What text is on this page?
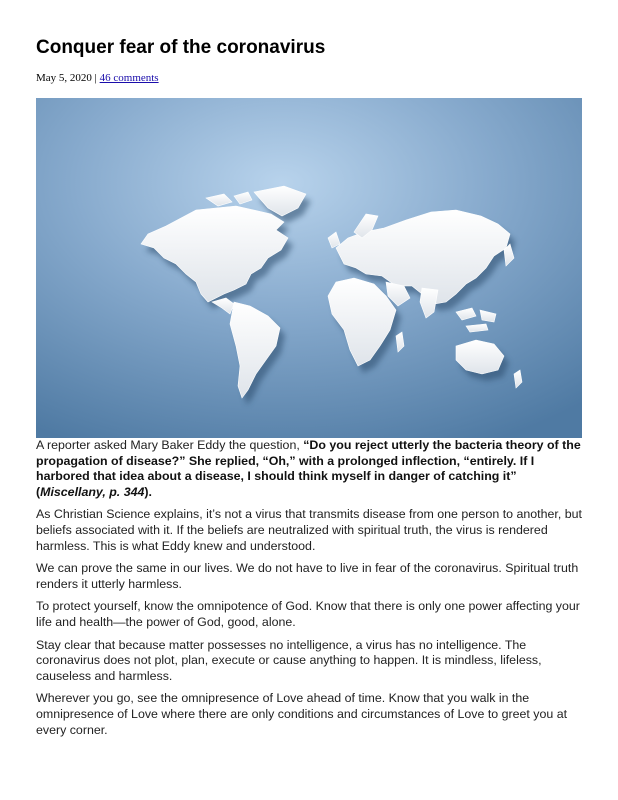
Conquer fear of the coronavirus
May 5, 2020 | 46 comments

A reporter asked Mary Baker Eddy the question, “Do you reject utterly the bacteria theory of the propagation of disease?” She replied, “Oh,” with a prolonged inflection, “entirely. If I harbored that idea about a disease, I should think myself in danger of catching it” (Miscellany, p. 344).

As Christian Science explains, it’s not a virus that transmits disease from one person to another, but beliefs associated with it. If the beliefs are neutralized with spiritual truth, the virus is rendered harmless. This is what Eddy knew and understood.

We can prove the same in our lives. We do not have to live in fear of the coronavirus. Spiritual truth renders it utterly harmless.

To protect yourself, know the omnipotence of God. Know that there is only one power affecting your life and health—the power of God, good, alone.

Stay clear that because matter possesses no intelligence, a virus has no intelligence. The coronavirus does not plot, plan, execute or cause anything to happen. It is mindless, lifeless, causeless and harmless.

Wherever you go, see the omnipresence of Love ahead of time. Know that you walk in the omnipresence of Love where there are only conditions and circumstances of Love to greet you at every corner.
